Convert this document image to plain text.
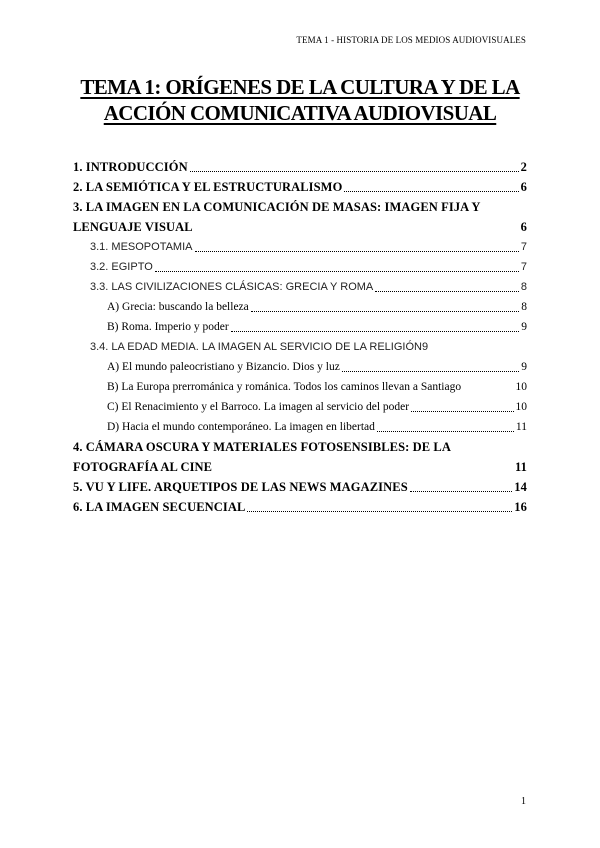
TEMA 1 - HISTORIA DE LOS MEDIOS AUDIOVISUALES
TEMA 1: ORÍGENES DE LA CULTURA Y DE LA
ACCIÓN COMUNICATIVA AUDIOVISUAL
1. INTRODUCCIÓN	2
2. LA SEMIÓTICA Y EL ESTRUCTURALISMO	6
3. LA IMAGEN EN LA COMUNICACIÓN DE MASAS: IMAGEN FIJA Y LENGUAJE VISUAL	6
3.1. MESOPOTAMIA	7
3.2. EGIPTO	7
3.3. LAS CIVILIZACIONES CLÁSICAS: GRECIA Y ROMA	8
A) Grecia: buscando la belleza	8
B) Roma. Imperio y poder	9
3.4. LA EDAD MEDIA. LA IMAGEN AL SERVICIO DE LA RELIGIÓN 9
A) El mundo paleocristiano y Bizancio. Dios y luz	9
B) La Europa prerrománica y románica. Todos los caminos llevan a Santiago	10
C) El Renacimiento y el Barroco. La imagen al servicio del poder	10
D) Hacia el mundo contemporáneo. La imagen en libertad	11
4. CÁMARA OSCURA Y MATERIALES FOTOSENSIBLES: DE LA FOTOGRAFÍA AL CINE	11
5. VU Y LIFE. ARQUETIPOS DE LAS NEWS MAGAZINES	14
6. LA IMAGEN SECUENCIAL	16
1
